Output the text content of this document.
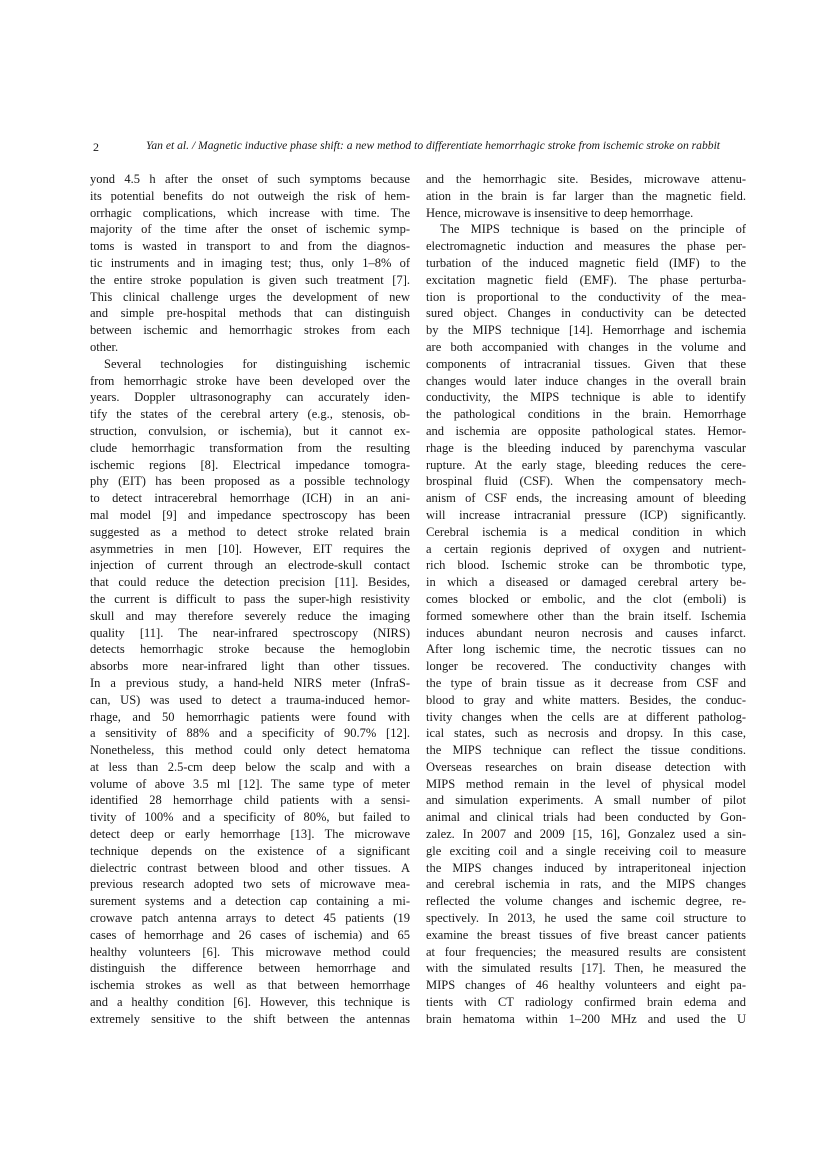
2	Yan et al. / Magnetic inductive phase shift: a new method to differentiate hemorrhagic stroke from ischemic stroke on rabbit
yond 4.5 h after the onset of such symptoms because
its potential benefits do not outweigh the risk of hem-
orrhagic complications, which increase with time. The
majority of the time after the onset of ischemic symp-
toms is wasted in transport to and from the diagnos-
tic instruments and in imaging test; thus, only 1–8% of
the entire stroke population is given such treatment [7].
This clinical challenge urges the development of new
and simple pre-hospital methods that can distinguish
between ischemic and hemorrhagic strokes from each
other.
Several technologies for distinguishing ischemic
from hemorrhagic stroke have been developed over the
years. Doppler ultrasonography can accurately iden-
tify the states of the cerebral artery (e.g., stenosis, ob-
struction, convulsion, or ischemia), but it cannot ex-
clude hemorrhagic transformation from the resulting
ischemic regions [8]. Electrical impedance tomogra-
phy (EIT) has been proposed as a possible technology
to detect intracerebral hemorrhage (ICH) in an ani-
mal model [9] and impedance spectroscopy has been
suggested as a method to detect stroke related brain
asymmetries in men [10]. However, EIT requires the
injection of current through an electrode-skull contact
that could reduce the detection precision [11]. Besides,
the current is difficult to pass the super-high resistivity
skull and may therefore severely reduce the imaging
quality [11]. The near-infrared spectroscopy (NIRS)
detects hemorrhagic stroke because the hemoglobin
absorbs more near-infrared light than other tissues.
In a previous study, a hand-held NIRS meter (InfraS-
can, US) was used to detect a trauma-induced hemor-
rhage, and 50 hemorrhagic patients were found with
a sensitivity of 88% and a specificity of 90.7% [12].
Nonetheless, this method could only detect hematoma
at less than 2.5-cm deep below the scalp and with a
volume of above 3.5 ml [12]. The same type of meter
identified 28 hemorrhage child patients with a sensi-
tivity of 100% and a specificity of 80%, but failed to
detect deep or early hemorrhage [13]. The microwave
technique depends on the existence of a significant
dielectric contrast between blood and other tissues. A
previous research adopted two sets of microwave mea-
surement systems and a detection cap containing a mi-
crowave patch antenna arrays to detect 45 patients (19
cases of hemorrhage and 26 cases of ischemia) and 65
healthy volunteers [6]. This microwave method could
distinguish the difference between hemorrhage and
ischemia strokes as well as that between hemorrhage
and a healthy condition [6]. However, this technique is
extremely sensitive to the shift between the antennas
and the hemorrhagic site. Besides, microwave attenu-
ation in the brain is far larger than the magnetic field.
Hence, microwave is insensitive to deep hemorrhage.
The MIPS technique is based on the principle of
electromagnetic induction and measures the phase per-
turbation of the induced magnetic field (IMF) to the
excitation magnetic field (EMF). The phase perturba-
tion is proportional to the conductivity of the mea-
sured object. Changes in conductivity can be detected
by the MIPS technique [14]. Hemorrhage and ischemia
are both accompanied with changes in the volume and
components of intracranial tissues. Given that these
changes would later induce changes in the overall brain
conductivity, the MIPS technique is able to identify
the pathological conditions in the brain. Hemorrhage
and ischemia are opposite pathological states. Hemor-
rhage is the bleeding induced by parenchyma vascular
rupture. At the early stage, bleeding reduces the cere-
brospinal fluid (CSF). When the compensatory mech-
anism of CSF ends, the increasing amount of bleeding
will increase intracranial pressure (ICP) significantly.
Cerebral ischemia is a medical condition in which
a certain regionis deprived of oxygen and nutrient-
rich blood. Ischemic stroke can be thrombotic type,
in which a diseased or damaged cerebral artery be-
comes blocked or embolic, and the clot (emboli) is
formed somewhere other than the brain itself. Ischemia
induces abundant neuron necrosis and causes infarct.
After long ischemic time, the necrotic tissues can no
longer be recovered. The conductivity changes with
the type of brain tissue as it decrease from CSF and
blood to gray and white matters. Besides, the conduc-
tivity changes when the cells are at different patholog-
ical states, such as necrosis and dropsy. In this case,
the MIPS technique can reflect the tissue conditions.
Overseas researches on brain disease detection with
MIPS method remain in the level of physical model
and simulation experiments. A small number of pilot
animal and clinical trials had been conducted by Gon-
zalez. In 2007 and 2009 [15, 16], Gonzalez used a sin-
gle exciting coil and a single receiving coil to measure
the MIPS changes induced by intraperitoneal injection
and cerebral ischemia in rats, and the MIPS changes
reflected the volume changes and ischemic degree, re-
spectively. In 2013, he used the same coil structure to
examine the breast tissues of five breast cancer patients
at four frequencies; the measured results are consistent
with the simulated results [17]. Then, he measured the
MIPS changes of 46 healthy volunteers and eight pa-
tients with CT radiology confirmed brain edema and
brain hematoma within 1–200 MHz and used the U
